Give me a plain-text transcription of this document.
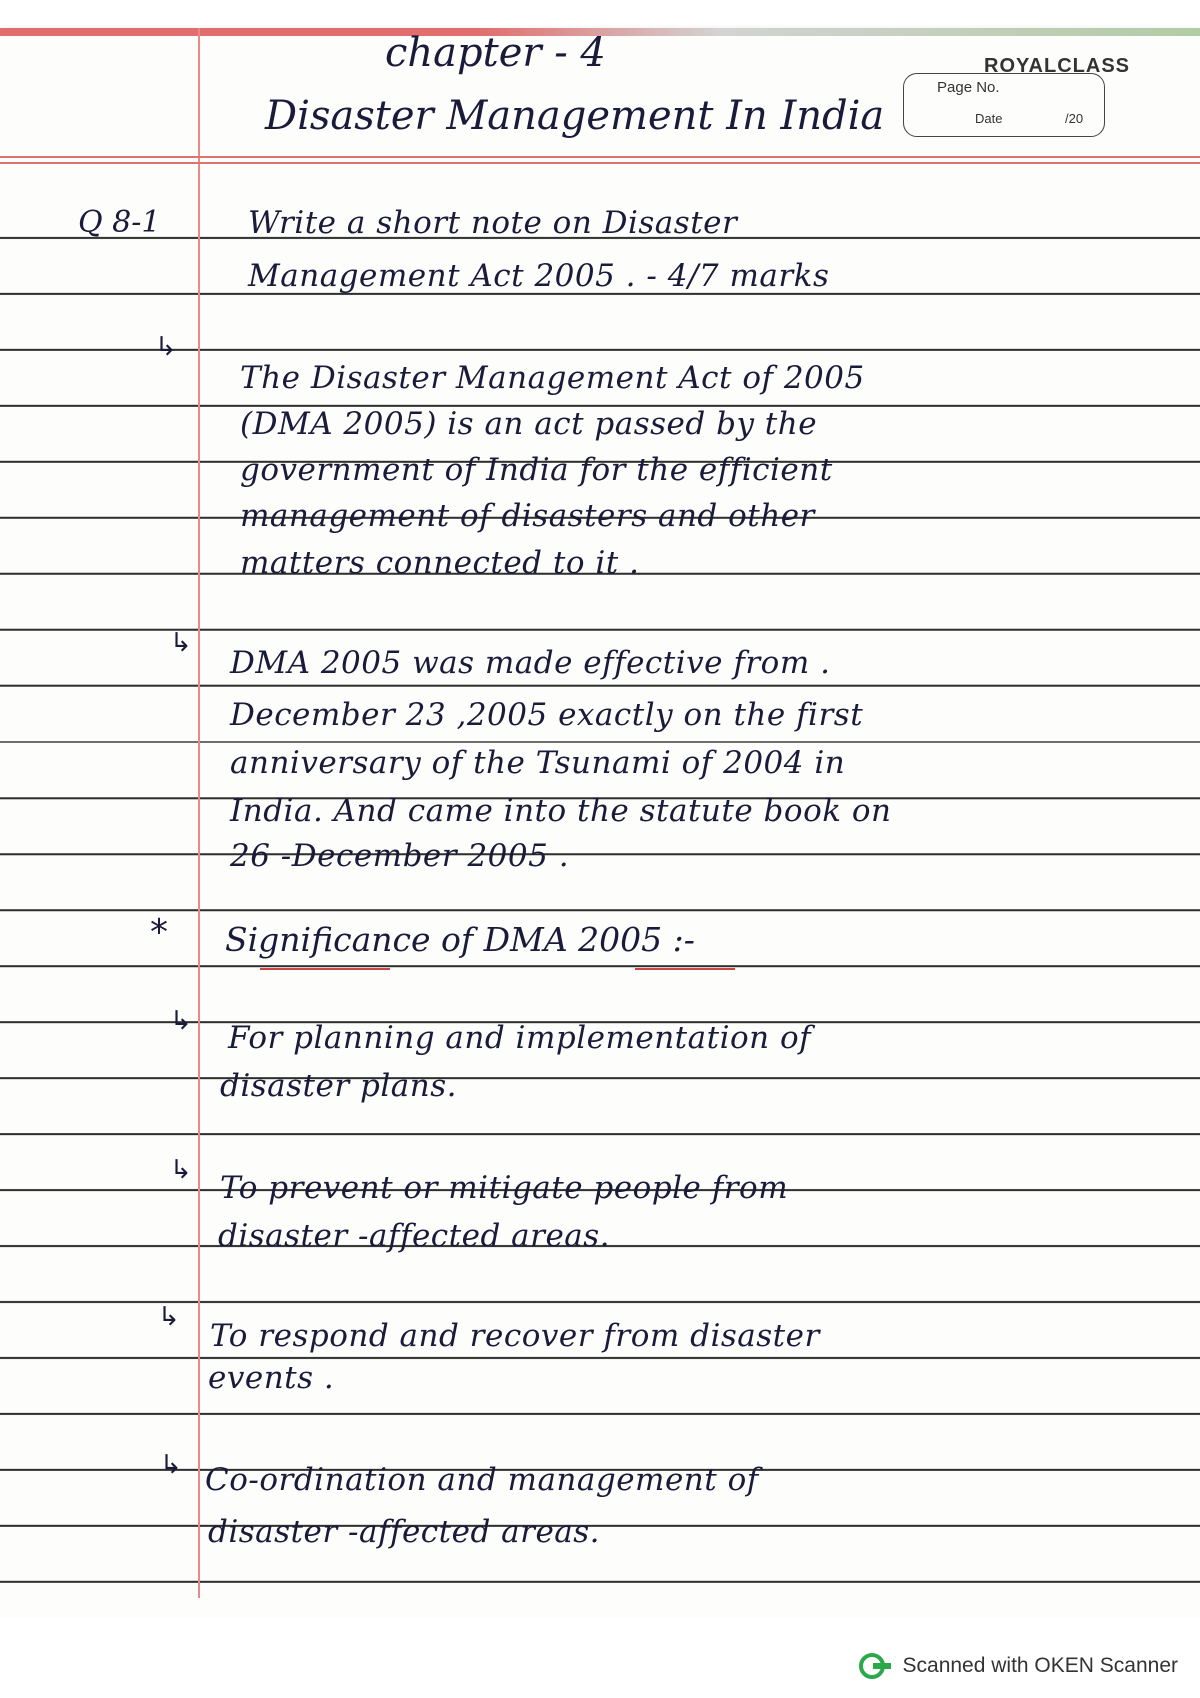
chapter - 4
Disaster Management In India
ROYALCLASS
Page No.
Date	/20
Q 8-1	Write a short note on Disaster
Management Act 2005 . - 4/7 marks
↳
The Disaster Management Act of 2005
(DMA 2005) is an act passed by the
government of India for the efficient
management of disasters and other
matters connected to it .
↳
DMA 2005 was made effective from .
December 23 ,2005 exactly on the first
anniversary of the Tsunami of 2004 in
India. And came into the statute book on
26 -December 2005 .
* Significance of DMA 2005 :-
↳ For planning and implementation of
disaster plans.
↳ To prevent or mitigate people from
disaster -affected areas.
↳
To respond and recover from disaster
events .
↳ Co-ordination and management of
disaster -affected areas.
Scanned with OKEN Scanner
